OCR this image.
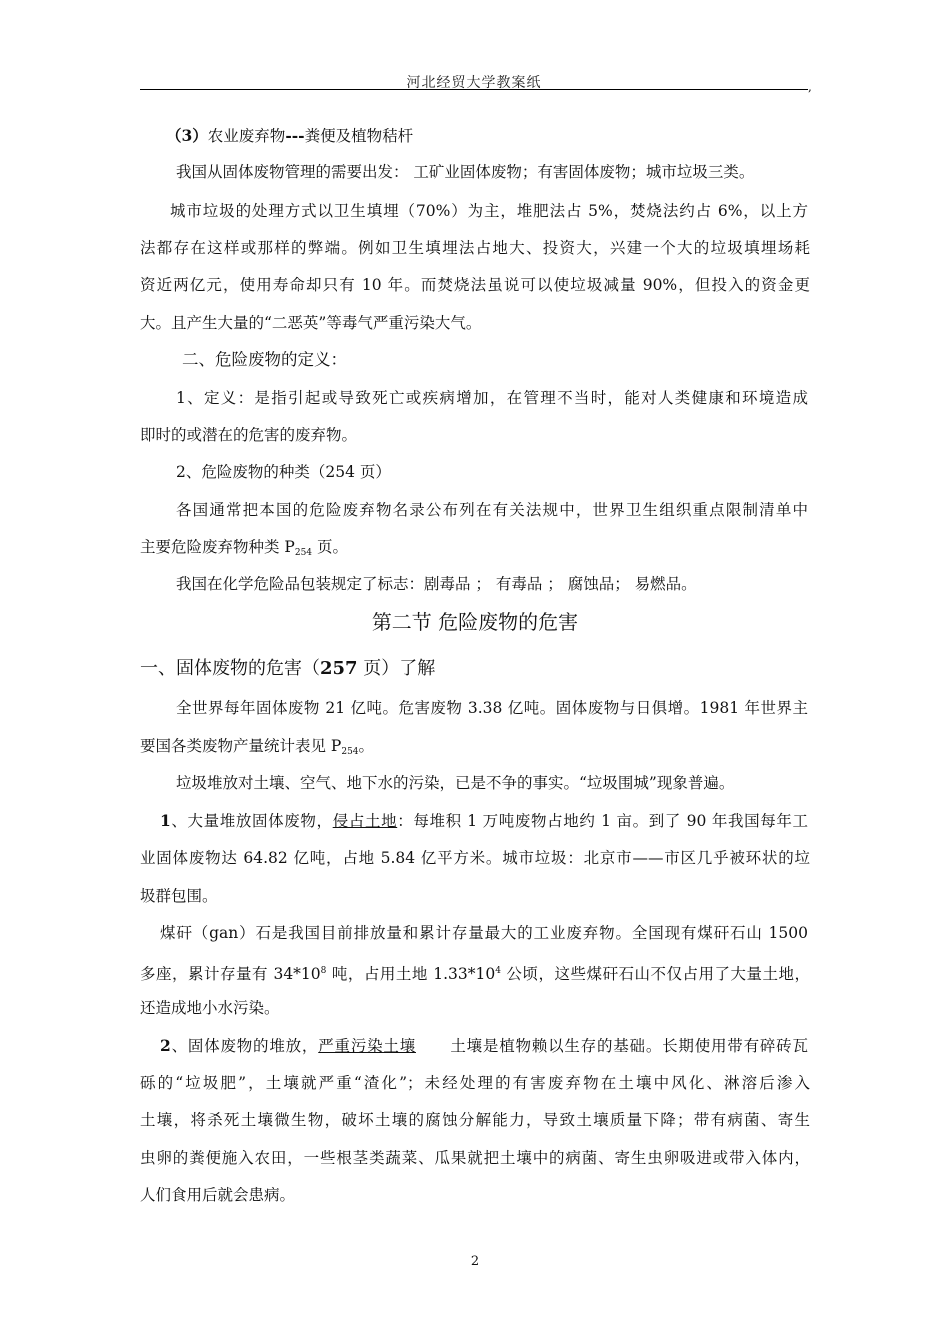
河北经贸大学教案纸	,
（3）农业废弃物---粪便及植物秸杆
我国从固体废物管理的需要出发： 工矿业固体废物；有害固体废物；城市垃圾三类。
城市垃圾的处理方式以卫生填埋（70%）为主，堆肥法占 5%，焚烧法约占 6%，以上方
法都存在这样或那样的弊端。例如卫生填埋法占地大、投资大，兴建一个大的垃圾填埋场耗
资近两亿元，使用寿命却只有 10 年。而焚烧法虽说可以使垃圾减量 90%，但投入的资金更
大。且产生大量的“二恶英”等毒气严重污染大气。
二、危险废物的定义：
1、定义：是指引起或导致死亡或疾病增加，在管理不当时，能对人类健康和环境造成
即时的或潜在的危害的废弃物。
2、危险废物的种类（254 页）
各国通常把本国的危险废弃物名录公布列在有关法规中，世界卫生组织重点限制清单中
主要危险废弃物种类 $P_{254}$ 页。
我国在化学危险品包装规定了标志：剧毒品 ； 有毒品 ； 腐蚀品； 易燃品。
第二节 危险废物的危害
一、固体废物的危害（257 页）了解
全世界每年固体废物 21 亿吨。危害废物 3.38 亿吨。固体废物与日俱增。1981 年世界主
要国各类废物产量统计表见 $P_{254}$。
垃圾堆放对土壤、空气、地下水的污染，已是不争的事实。“垃圾围城”现象普遍。
1、大量堆放固体废物，侵占土地：每堆积 1 万吨废物占地约 1 亩。到了 90 年我国每年工
业固体废物达 64.82 亿吨，占地 5.84 亿平方米。城市垃圾：北京市——市区几乎被环状的垃
圾群包围。
煤矸（gan）石是我国目前排放量和累计存量最大的工业废弃物。全国现有煤矸石山 1500
多座，累计存量有 $34*10^8$ 吨，占用土地 $1.33*10^4$ 公顷，这些煤矸石山不仅占用了大量土地，
还造成地小水污染。
2、固体废物的堆放，严重污染土壤      土壤是植物赖以生存的基础。长期使用带有碎砖瓦
砾的“垃圾肥”，土壤就严重“渣化”；未经处理的有害废弃物在土壤中风化、淋溶后渗入
土壤，将杀死土壤微生物，破坏土壤的腐蚀分解能力，导致土壤质量下降；带有病菌、寄生
虫卵的粪便施入农田，一些根茎类蔬菜、瓜果就把土壤中的病菌、寄生虫卵吸进或带入体内，
人们食用后就会患病。
2
